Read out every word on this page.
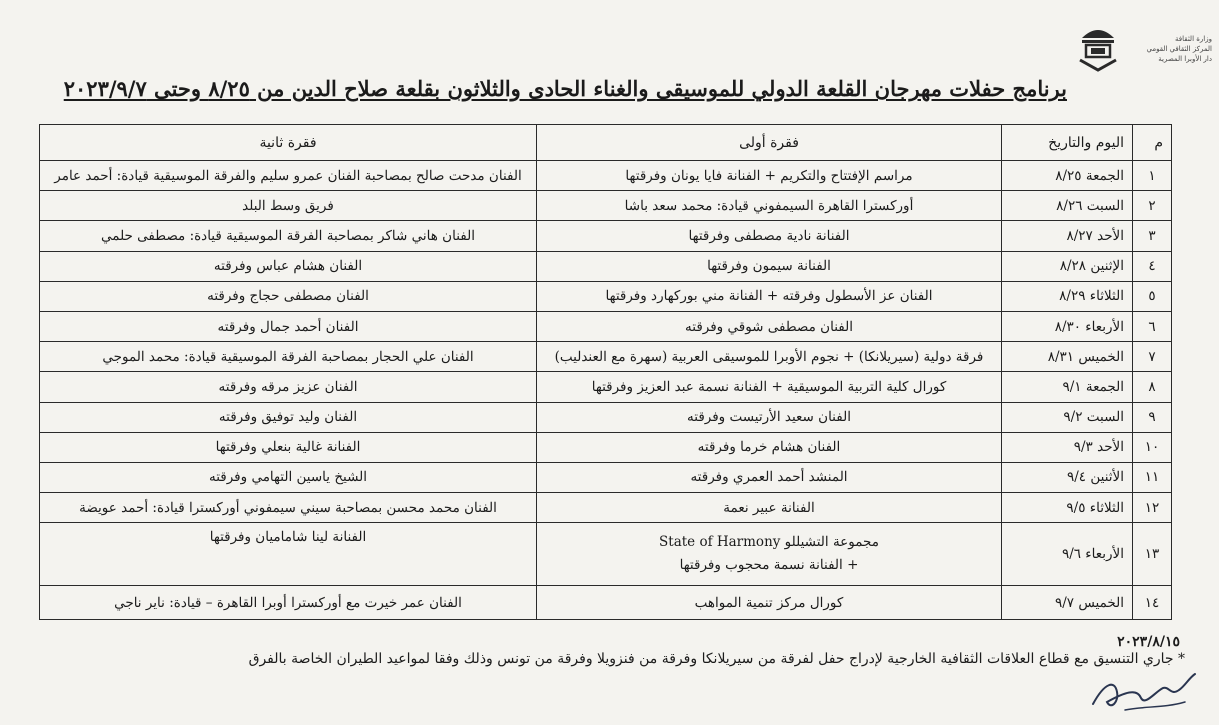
وزارة الثقافة
المركز الثقافي القومي
دار الأوبرا المصرية
برنامج حفلات مهرجان القلعة الدولي للموسيقى والغناء الحادى والثلاثون بقلعة صلاح الدين من ٨/٢٥ وحتى ٢٠٢٣/٩/٧
م	اليوم والتاريخ	فقرة أولى	فقرة ثانية
١	الجمعة ٨/٢٥	مراسم الإفتتاح والتكريم + الفنانة فايا يونان وفرقتها	الفنان مدحت صالح بمصاحبة الفنان عمرو سليم والفرقة الموسيقية قيادة: أحمد عامر
٢	السبت ٨/٢٦	أوركسترا القاهرة السيمفوني قيادة: محمد سعد باشا	فريق وسط البلد
٣	الأحد ٨/٢٧	الفنانة نادية مصطفى وفرقتها	الفنان هاني شاكر بمصاحبة الفرقة الموسيقية قيادة: مصطفى حلمي
٤	الإثنين ٨/٢٨	الفنانة سيمون وفرقتها	الفنان هشام عباس وفرقته
٥	الثلاثاء ٨/٢٩	الفنان عز الأسطول وفرقته + الفنانة مني بوركهارد وفرقتها	الفنان مصطفى حجاج وفرقته
٦	الأربعاء ٨/٣٠	الفنان مصطفى شوقي وفرقته	الفنان أحمد جمال وفرقته
٧	الخميس ٨/٣١	فرقة دولية (سيريلانكا) + نجوم الأوبرا للموسيقى العربية (سهرة مع العندليب)	الفنان علي الحجار بمصاحبة الفرقة الموسيقية قيادة: محمد الموجي
٨	الجمعة ٩/١	كورال كلية التربية الموسيقية + الفنانة نسمة عبد العزيز وفرقتها	الفنان عزيز مرقه وفرقته
٩	السبت ٩/٢	الفنان سعيد الأرتيست وفرقته	الفنان وليد توفيق وفرقته
١٠	الأحد ٩/٣	الفنان هشام خرما وفرقته	الفنانة غالية بنعلي وفرقتها
١١	الأثنين ٩/٤	المنشد أحمد العمري وفرقته	الشيخ ياسين التهامي وفرقته
١٢	الثلاثاء ٩/٥	الفنانة عبير نعمة	الفنان محمد محسن بمصاحبة سيني سيمفوني أوركسترا قيادة: أحمد عويضة
١٣	الأربعاء ٩/٦	مجموعة التشيللو State of Harmony
+ الفنانة نسمة محجوب وفرقتها	الفنانة لينا شاماميان وفرقتها
١٤	الخميس ٩/٧	كورال مركز تنمية المواهب	الفنان عمر خيرت مع أوركسترا أوبرا القاهرة – قيادة: ناير ناجي
٢٠٢٣/٨/١٥
* جاري التنسيق مع قطاع العلاقات الثقافية الخارجية لإدراج حفل لفرقة من سيريلانكا وفرقة من فنزويلا وفرقة من تونس وذلك وفقا لمواعيد الطيران الخاصة بالفرق
